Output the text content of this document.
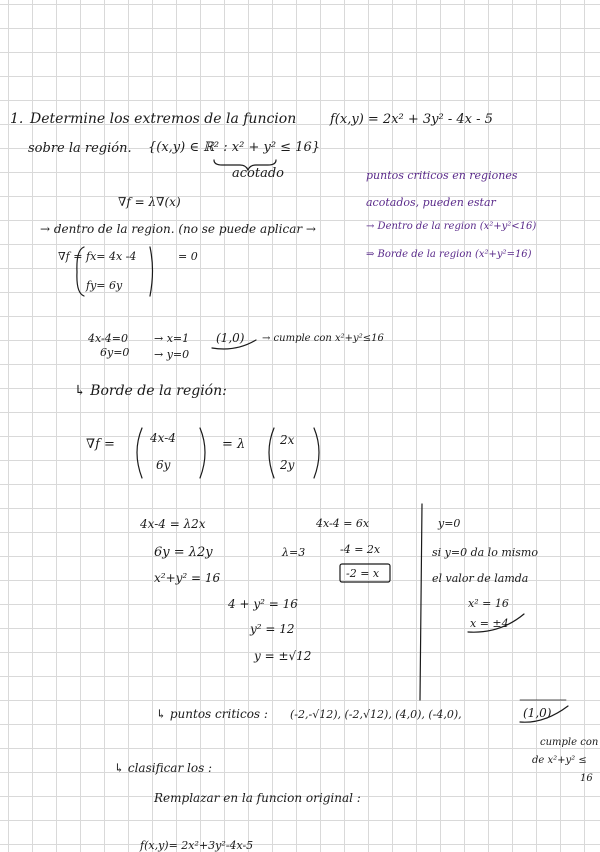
1. Determine los extremos de la funcion	f(x,y) = 2x² + 3y² - 4x - 5
sobre la región. {(x,y) ∈ ℝ² : x² + y² ≤ 16}
acotado	puntos criticos en regiones
acotados, pueden estar
→ Dentro de la region (x²+y²<16)
⇒ Borde de la region (x²+y²=16)
∇f = λ∇(x)
→ dentro de la region. (no se puede aplicar →
∇f = fx= 4x -4
fy= 6y
= 0
4x-4=0
6y=0
→ x=1
→ y=0
(1,0) → cumple con x²+y²≤16
↳ Borde de la región:
∇f =	4x-4
6y
= λ	2x
2y
4x-4 = λ2x
6y = λ2y
x²+y² = 16
λ=3
4x-4 = 6x
-4 = 2x
-2 = x
4 + y² = 16
y² = 12
y = ±√12
y=0
si y=0 da lo mismo
el valor de lamda
x² = 16
x = ±4
↳ puntos criticos : (-2,-√12), (-2,√12), (4,0), (-4,0),	(1,0)
cumple con
de x²+y² ≤
16
↳ clasificar los :
Remplazar en la funcion original :
f(x,y)= 2x²+3y²-4x-5
